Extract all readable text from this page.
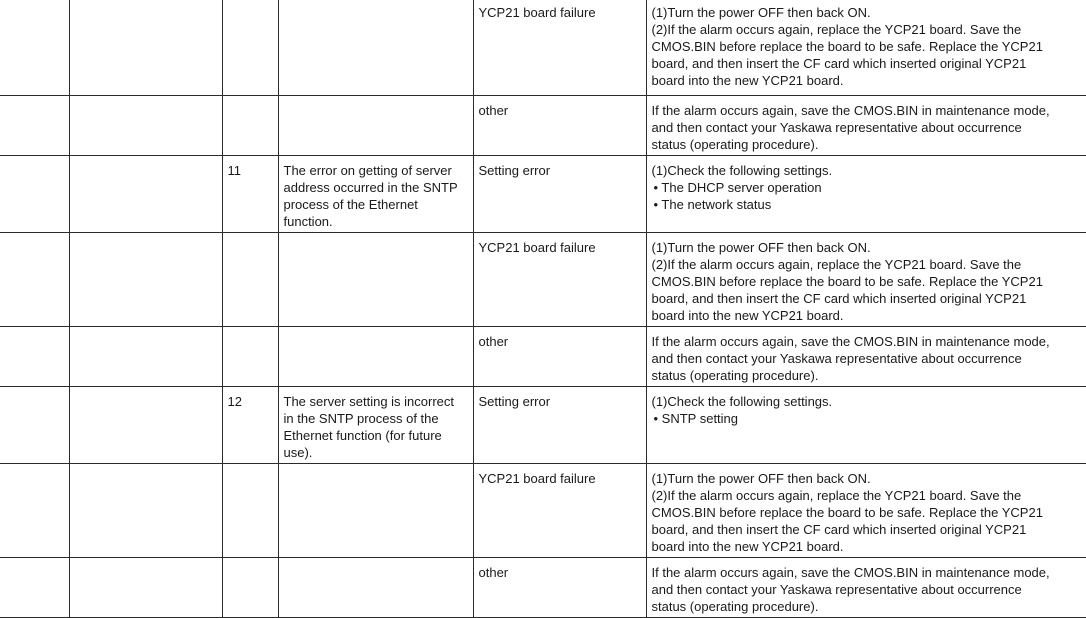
				YCP21 board failure	(1)Turn the power OFF then back ON.
(2)If the alarm occurs again, replace the YCP21 board. Save the
CMOS.BIN before replace the board to be safe. Replace the YCP21
board, and then insert the CF card which inserted original YCP21
board into the new YCP21 board.

				other	If the alarm occurs again, save the CMOS.BIN in maintenance mode,
and then contact your Yaskawa representative about occurrence
status (operating procedure).

		11	The error on getting of server
address occurred in the SNTP
process of the Ethernet
function.	Setting error	(1)Check the following settings.
• The DHCP server operation
• The network status

				YCP21 board failure	(1)Turn the power OFF then back ON.
(2)If the alarm occurs again, replace the YCP21 board. Save the
CMOS.BIN before replace the board to be safe. Replace the YCP21
board, and then insert the CF card which inserted original YCP21
board into the new YCP21 board.

				other	If the alarm occurs again, save the CMOS.BIN in maintenance mode,
and then contact your Yaskawa representative about occurrence
status (operating procedure).

		12	The server setting is incorrect
in the SNTP process of the
Ethernet function (for future
use).	Setting error	(1)Check the following settings.
• SNTP setting

				YCP21 board failure	(1)Turn the power OFF then back ON.
(2)If the alarm occurs again, replace the YCP21 board. Save the
CMOS.BIN before replace the board to be safe. Replace the YCP21
board, and then insert the CF card which inserted original YCP21
board into the new YCP21 board.

				other	If the alarm occurs again, save the CMOS.BIN in maintenance mode,
and then contact your Yaskawa representative about occurrence
status (operating procedure).
